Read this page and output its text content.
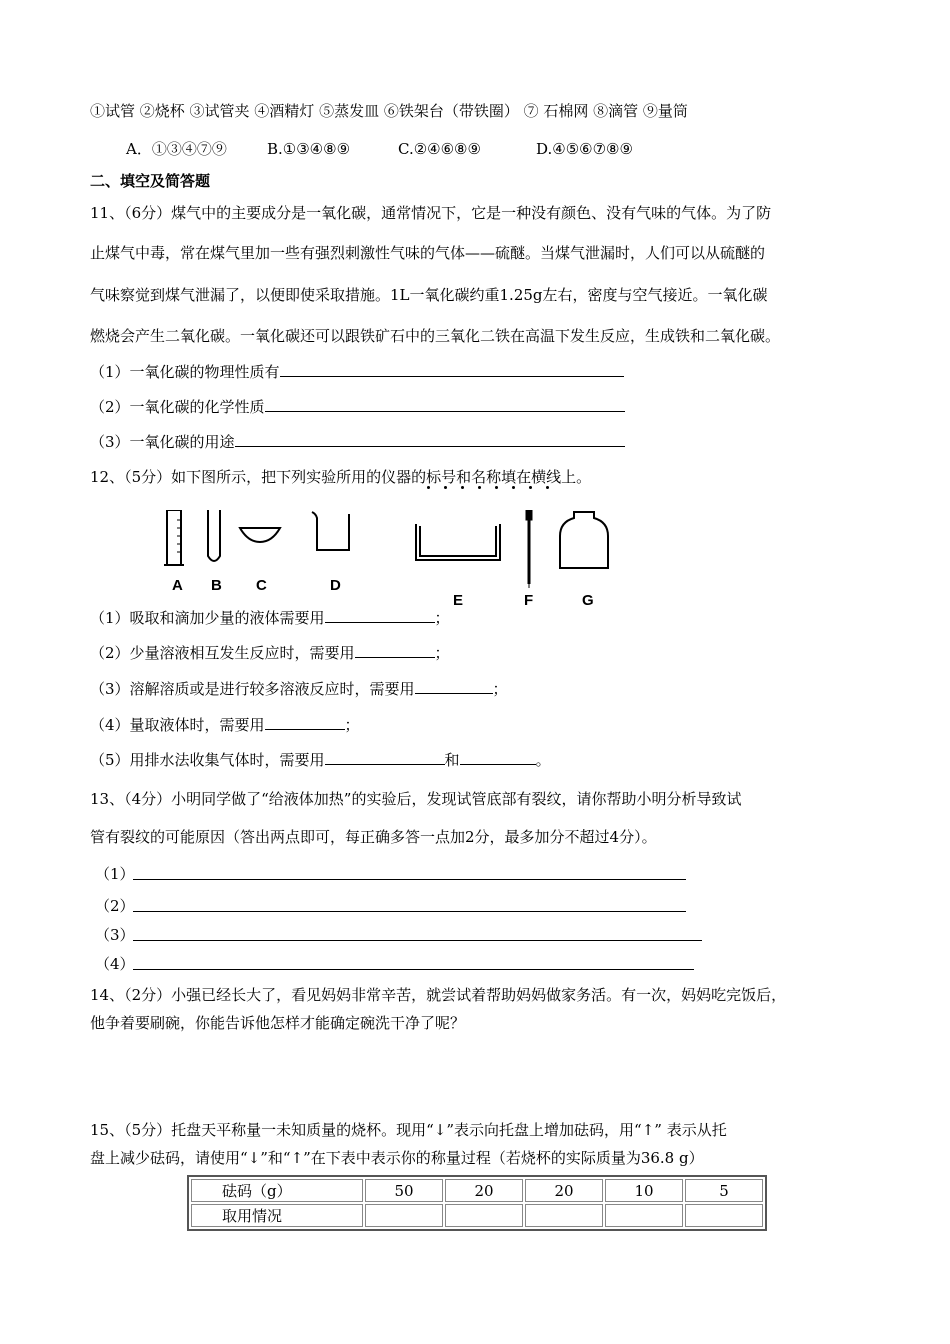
①试管 ②烧杯 ③试管夹 ④酒精灯 ⑤蒸发皿 ⑥铁架台（带铁圈） ⑦ 石棉网 ⑧滴管 ⑨量筒
A．①③④⑦⑨	B.①③④⑧⑨	C.②④⑥⑧⑨	D.④⑤⑥⑦⑧⑨
二、填空及简答题
11、（6分）煤气中的主要成分是一氧化碳，通常情况下，它是一种没有颜色、没有气味的气体。为了防
止煤气中毒，常在煤气里加一些有强烈刺激性气味的气体——硫醚。当煤气泄漏时，人们可以从硫醚的
气味察觉到煤气泄漏了，以便即使采取措施。1L一氧化碳约重1.25g左右，密度与空气接近。一氧化碳
燃烧会产生二氧化碳。一氧化碳还可以跟铁矿石中的三氧化二铁在高温下发生反应，生成铁和二氧化碳。
（1）一氧化碳的物理性质有
（2）一氧化碳的化学性质
（3）一氧化碳的用途
12、（5分）如下图所示，把下列实验所用的仪器的标号和名称填在横线上。
A B C	D
E	F	G
（1）吸取和滴加少量的液体需要用	；
（2）少量溶液相互发生反应时，需要用	；
（3）溶解溶质或是进行较多溶液反应时，需要用	；
（4）量取液体时，需要用	；
（5）用排水法收集气体时，需要用	和	。
13、（4分）小明同学做了“给液体加热”的实验后，发现试管底部有裂纹，请你帮助小明分析导致试
管有裂纹的可能原因（答出两点即可，每正确多答一点加2分，最多加分不超过4分）。
（1）
（2）
（3）
（4）
14、（2分）小强已经长大了，看见妈妈非常辛苦，就尝试着帮助妈妈做家务活。有一次，妈妈吃完饭后，
他争着要刷碗，你能告诉他怎样才能确定碗洗干净了呢？
15、（5分）托盘天平称量一未知质量的烧杯。现用“↓”表示向托盘上增加砝码，用“↑” 表示从托
盘上减少砝码，请使用“↓”和“↑”在下表中表示你的称量过程（若烧杯的实际质量为36.8 g）
砝码（g）	50	20	20	10	5
取用情况					
